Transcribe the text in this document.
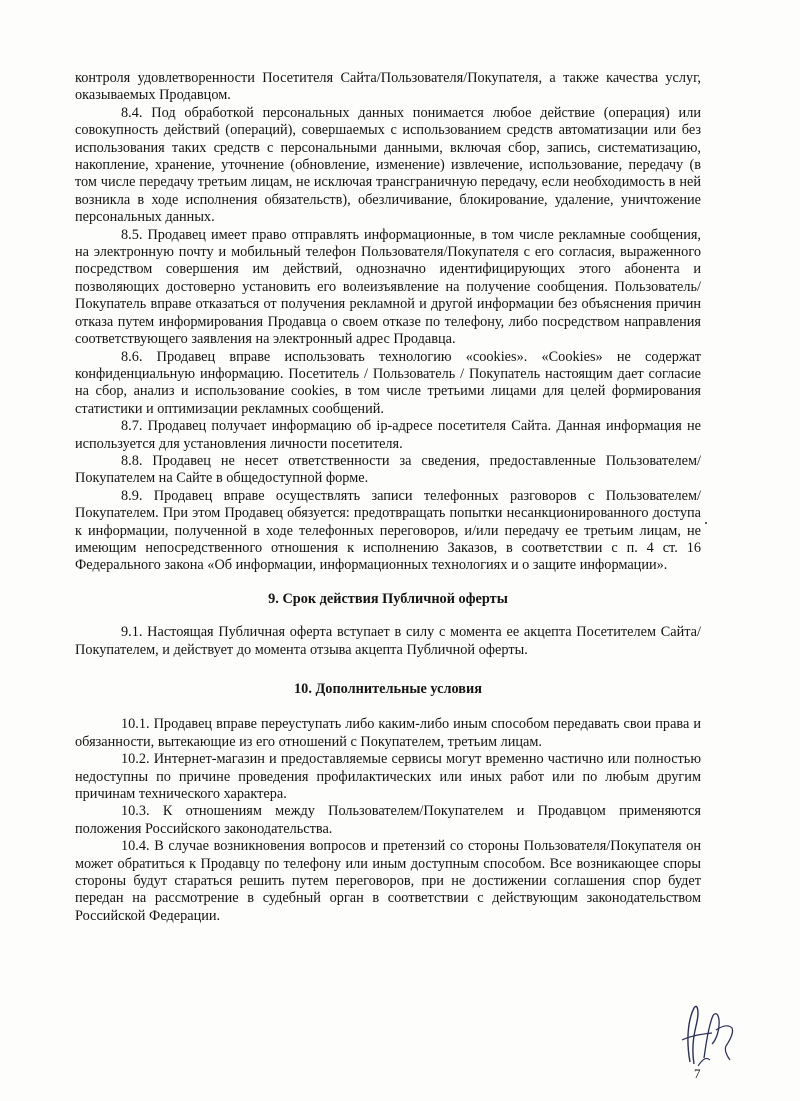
контроля удовлетворенности Посетителя Сайта/Пользователя/Покупателя, а также качества услуг, оказываемых Продавцом.

8.4. Под обработкой персональных данных понимается любое действие (операция) или совокупность действий (операций), совершаемых с использованием средств автоматизации или без использования таких средств с персональными данными, включая сбор, запись, систематизацию, накопление, хранение, уточнение (обновление, изменение) извлечение, использование, передачу (в том числе передачу третьим лицам, не исключая трансграничную передачу, если необходимость в ней возникла в ходе исполнения обязательств), обезличивание, блокирование, удаление, уничтожение персональных данных.

8.5. Продавец имеет право отправлять информационные, в том числе рекламные сообщения, на электронную почту и мобильный телефон Пользователя/Покупателя с его согласия, выраженного посредством совершения им действий, однозначно идентифицирующих этого абонента и позволяющих достоверно установить его волеизъявление на получение сообщения. Пользователь/Покупатель вправе отказаться от получения рекламной и другой информации без объяснения причин отказа путем информирования Продавца о своем отказе по телефону, либо посредством направления соответствующего заявления на электронный адрес Продавца.

8.6. Продавец вправе использовать технологию «cookies». «Cookies» не содержат конфиденциальную информацию. Посетитель / Пользователь / Покупатель настоящим дает согласие на сбор, анализ и использование cookies, в том числе третьими лицами для целей формирования статистики и оптимизации рекламных сообщений.

8.7. Продавец получает информацию об ip-адресе посетителя Сайта. Данная информация не используется для установления личности посетителя.

8.8. Продавец не несет ответственности за сведения, предоставленные Пользователем/Покупателем на Сайте в общедоступной форме.

8.9. Продавец вправе осуществлять записи телефонных разговоров с Пользователем/Покупателем. При этом Продавец обязуется: предотвращать попытки несанкционированного доступа к информации, полученной в ходе телефонных переговоров, и/или передачу ее третьим лицам, не имеющим непосредственного отношения к исполнению Заказов, в соответствии с п. 4 ст. 16 Федерального закона «Об информации, информационных технологиях и о защите информации».

9. Срок действия Публичной оферты

9.1. Настоящая Публичная оферта вступает в силу с момента ее акцепта Посетителем Сайта/Покупателем, и действует до момента отзыва акцепта Публичной оферты.

10. Дополнительные условия

10.1. Продавец вправе переуступать либо каким-либо иным способом передавать свои права и обязанности, вытекающие из его отношений с Покупателем, третьим лицам.

10.2. Интернет-магазин и предоставляемые сервисы могут временно частично или полностью недоступны по причине проведения профилактических или иных работ или по любым другим причинам технического характера.

10.3. К отношениям между Пользователем/Покупателем и Продавцом применяются положения Российского законодательства.

10.4. В случае возникновения вопросов и претензий со стороны Пользователя/Покупателя он может обратиться к Продавцу по телефону или иным доступным способом. Все возникающее споры стороны будут стараться решить путем переговоров, при не достижении соглашения спор будет передан на рассмотрение в судебный орган в соответствии с действующим законодательством Российской Федерации.

7
